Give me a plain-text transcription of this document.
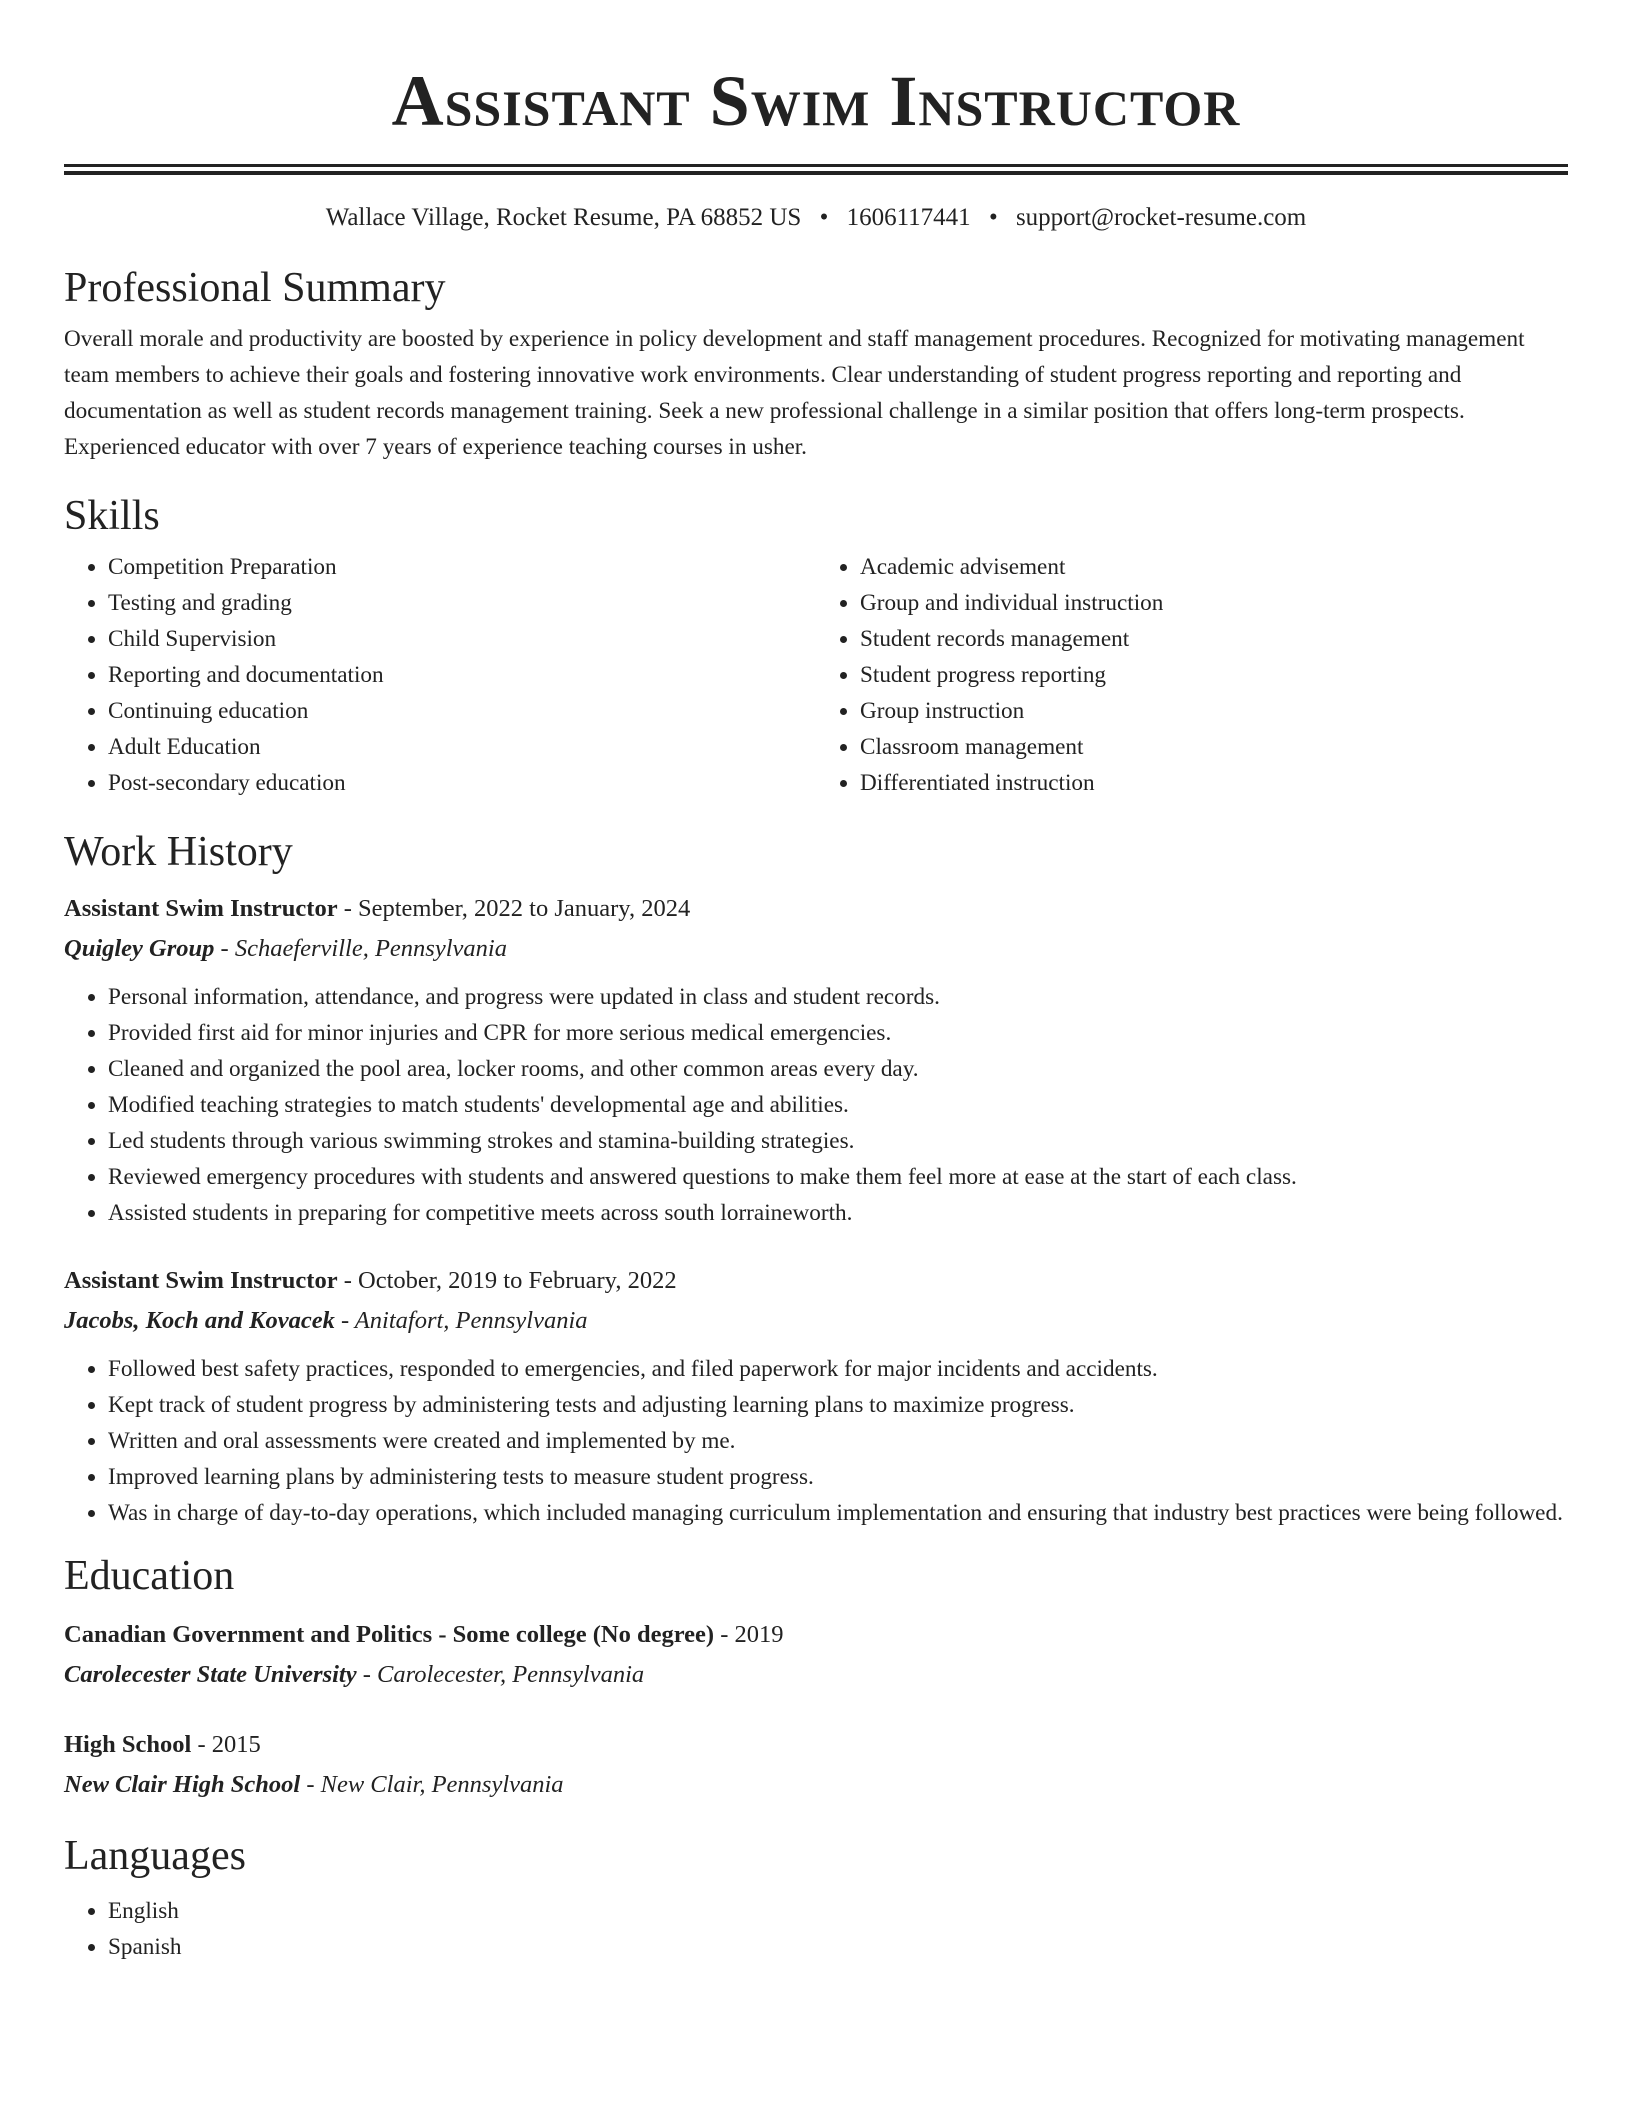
Assistant Swim Instructor
Wallace Village, Rocket Resume, PA 68852 US • 1606117441 • support@rocket-resume.com
Professional Summary

Overall morale and productivity are boosted by experience in policy development and staff management procedures. Recognized for motivating management team members to achieve their goals and fostering innovative work environments. Clear understanding of student progress reporting and reporting and documentation as well as student records management training. Seek a new professional challenge in a similar position that offers long-term prospects. Experienced educator with over 7 years of experience teaching courses in usher.

Skills
• Competition Preparation
• Testing and grading
• Child Supervision
• Reporting and documentation
• Continuing education
• Adult Education
• Post-secondary education
• Academic advisement
• Group and individual instruction
• Student records management
• Student progress reporting
• Group instruction
• Classroom management
• Differentiated instruction
Work History
Assistant Swim Instructor - September, 2022 to January, 2024
Quigley Group - Schaeferville, Pennsylvania
• Personal information, attendance, and progress were updated in class and student records.
• Provided first aid for minor injuries and CPR for more serious medical emergencies.
• Cleaned and organized the pool area, locker rooms, and other common areas every day.
• Modified teaching strategies to match students' developmental age and abilities.
• Led students through various swimming strokes and stamina-building strategies.
• Reviewed emergency procedures with students and answered questions to make them feel more at ease at the start of each class.
• Assisted students in preparing for competitive meets across south lorraineworth.
Assistant Swim Instructor - October, 2019 to February, 2022
Jacobs, Koch and Kovacek - Anitafort, Pennsylvania
• Followed best safety practices, responded to emergencies, and filed paperwork for major incidents and accidents.
• Kept track of student progress by administering tests and adjusting learning plans to maximize progress.
• Written and oral assessments were created and implemented by me.
• Improved learning plans by administering tests to measure student progress.
• Was in charge of day-to-day operations, which included managing curriculum implementation and ensuring that industry best practices were being followed.
Education
Canadian Government and Politics - Some college (No degree) - 2019
Carolecester State University - Carolecester, Pennsylvania
High School - 2015
New Clair High School - New Clair, Pennsylvania
Languages
• English
• Spanish
